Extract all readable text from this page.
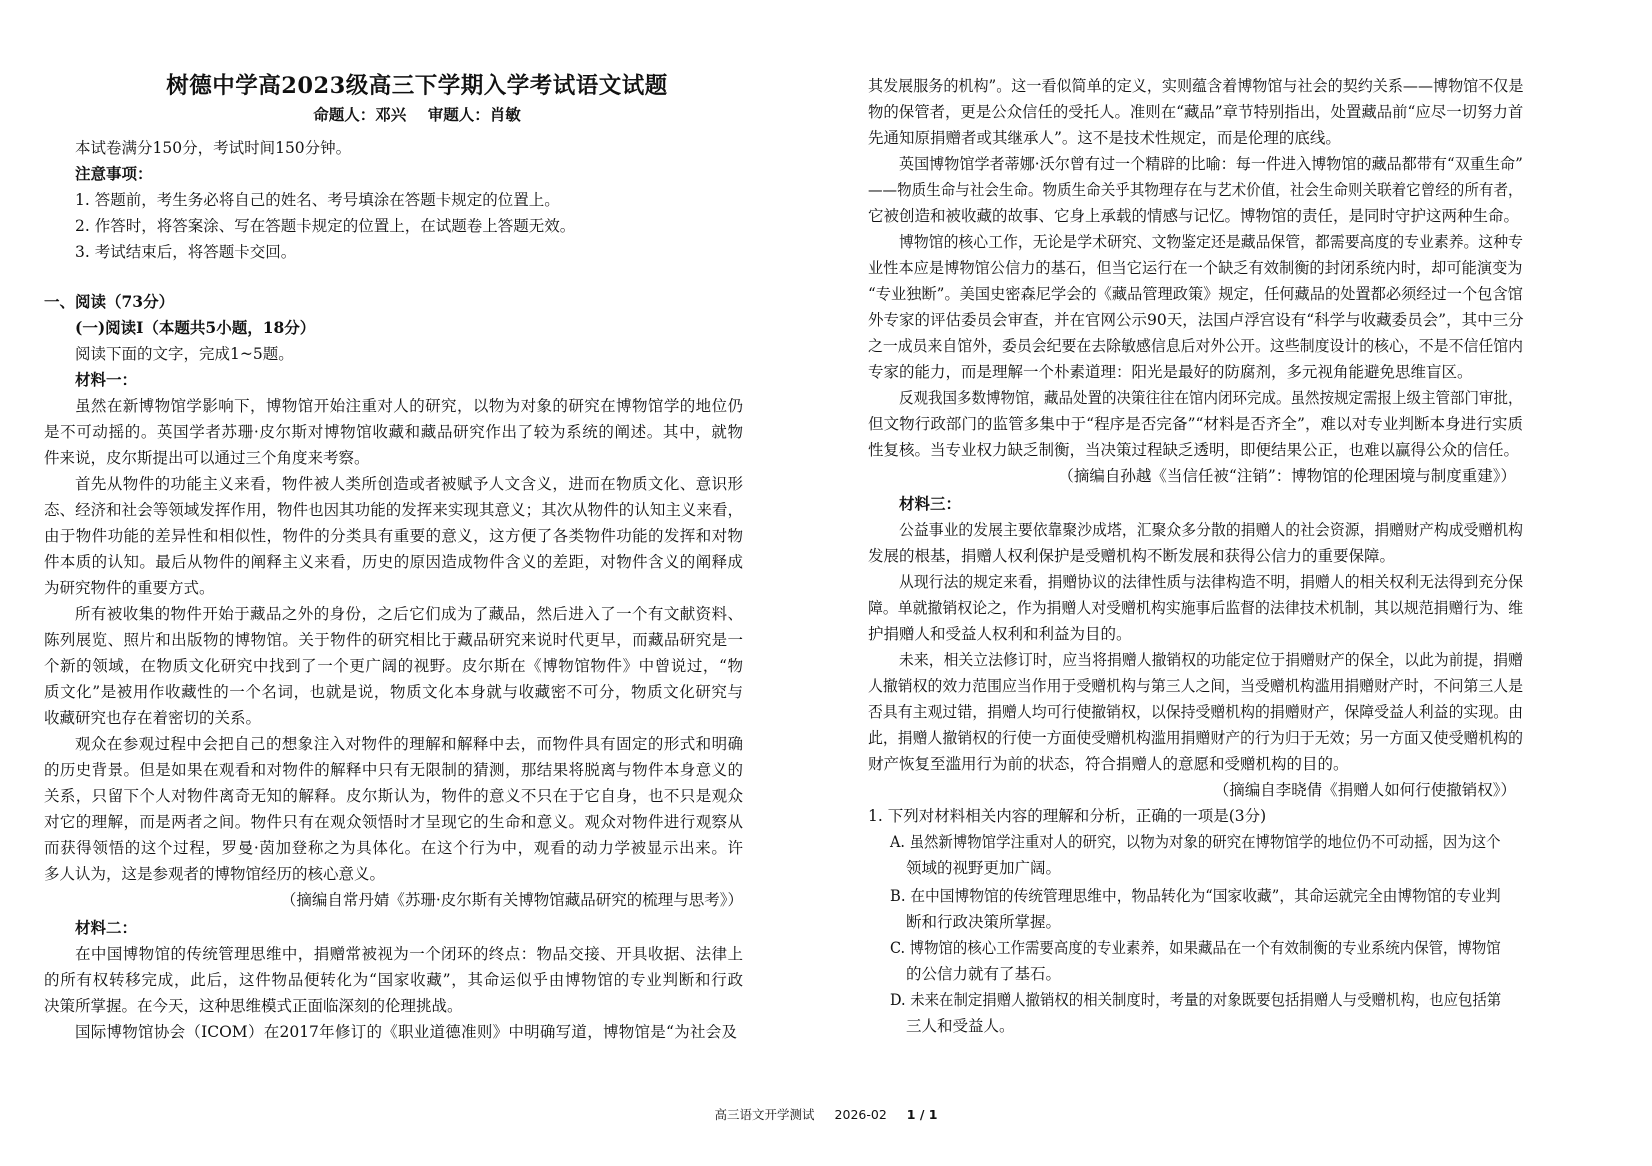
树德中学高2023级高三下学期入学考试语文试题
命题人：邓兴 审题人：肖敏
本试卷满分150分，考试时间150分钟。
注意事项：
1. 答题前，考生务必将自己的姓名、考号填涂在答题卡规定的位置上。
2. 作答时，将答案涂、写在答题卡规定的位置上，在试题卷上答题无效。
3. 考试结束后，将答题卡交回。
一、阅读（73分）
(一)阅读Ⅰ（本题共5小题，18分）
阅读下面的文字，完成1~5题。
材料一：
虽然在新博物馆学影响下，博物馆开始注重对人的研究，以物为对象的研究在博物馆学的地位仍
是不可动摇的。英国学者苏珊·皮尔斯对博物馆收藏和藏品研究作出了较为系统的阐述。其中，就物
件来说，皮尔斯提出可以通过三个角度来考察。
首先从物件的功能主义来看，物件被人类所创造或者被赋予人文含义，进而在物质文化、意识形
态、经济和社会等领域发挥作用，物件也因其功能的发挥来实现其意义；其次从物件的认知主义来看，
由于物件功能的差异性和相似性，物件的分类具有重要的意义，这方便了各类物件功能的发挥和对物
件本质的认知。最后从物件的阐释主义来看，历史的原因造成物件含义的差距，对物件含义的阐释成
为研究物件的重要方式。
所有被收集的物件开始于藏品之外的身份，之后它们成为了藏品，然后进入了一个有文献资料、
陈列展览、照片和出版物的博物馆。关于物件的研究相比于藏品研究来说时代更早，而藏品研究是一
个新的领域，在物质文化研究中找到了一个更广阔的视野。皮尔斯在《博物馆物件》中曾说过，“物
质文化”是被用作收藏性的一个名词，也就是说，物质文化本身就与收藏密不可分，物质文化研究与
收藏研究也存在着密切的关系。
观众在参观过程中会把自己的想象注入对物件的理解和解释中去，而物件具有固定的形式和明确
的历史背景。但是如果在观看和对物件的解释中只有无限制的猜测，那结果将脱离与物件本身意义的
关系，只留下个人对物件离奇无知的解释。皮尔斯认为，物件的意义不只在于它自身，也不只是观众
对它的理解，而是两者之间。物件只有在观众领悟时才呈现它的生命和意义。观众对物件进行观察从
而获得领悟的这个过程，罗曼·茵加登称之为具体化。在这个行为中，观看的动力学被显示出来。许
多人认为，这是参观者的博物馆经历的核心意义。
（摘编自常丹婧《苏珊·皮尔斯有关博物馆藏品研究的梳理与思考》）
材料二：
在中国博物馆的传统管理思维中，捐赠常被视为一个闭环的终点：物品交接、开具收据、法律上
的所有权转移完成，此后，这件物品便转化为“国家收藏”，其命运似乎由博物馆的专业判断和行政
决策所掌握。在今天，这种思维模式正面临深刻的伦理挑战。
国际博物馆协会（ICOM）在2017年修订的《职业道德准则》中明确写道，博物馆是“为社会及
其发展服务的机构”。这一看似简单的定义，实则蕴含着博物馆与社会的契约关系——博物馆不仅是
物的保管者，更是公众信任的受托人。准则在“藏品”章节特别指出，处置藏品前“应尽一切努力首
先通知原捐赠者或其继承人”。这不是技术性规定，而是伦理的底线。
英国博物馆学者蒂娜·沃尔曾有过一个精辟的比喻：每一件进入博物馆的藏品都带有“双重生命”
——物质生命与社会生命。物质生命关乎其物理存在与艺术价值，社会生命则关联着它曾经的所有者，
它被创造和被收藏的故事、它身上承载的情感与记忆。博物馆的责任，是同时守护这两种生命。
博物馆的核心工作，无论是学术研究、文物鉴定还是藏品保管，都需要高度的专业素养。这种专
业性本应是博物馆公信力的基石，但当它运行在一个缺乏有效制衡的封闭系统内时，却可能演变为
“专业独断”。美国史密森尼学会的《藏品管理政策》规定，任何藏品的处置都必须经过一个包含馆
外专家的评估委员会审查，并在官网公示90天，法国卢浮宫设有“科学与收藏委员会”，其中三分
之一成员来自馆外，委员会纪要在去除敏感信息后对外公开。这些制度设计的核心，不是不信任馆内
专家的能力，而是理解一个朴素道理：阳光是最好的防腐剂，多元视角能避免思维盲区。
反观我国多数博物馆，藏品处置的决策往往在馆内闭环完成。虽然按规定需报上级主管部门审批，
但文物行政部门的监管多集中于“程序是否完备”“材料是否齐全”，难以对专业判断本身进行实质
性复核。当专业权力缺乏制衡，当决策过程缺乏透明，即便结果公正，也难以赢得公众的信任。
（摘编自孙越《当信任被“注销”：博物馆的伦理困境与制度重建》）
材料三：
公益事业的发展主要依靠聚沙成塔，汇聚众多分散的捐赠人的社会资源，捐赠财产构成受赠机构
发展的根基，捐赠人权利保护是受赠机构不断发展和获得公信力的重要保障。
从现行法的规定来看，捐赠协议的法律性质与法律构造不明，捐赠人的相关权利无法得到充分保
障。单就撤销权论之，作为捐赠人对受赠机构实施事后监督的法律技术机制，其以规范捐赠行为、维
护捐赠人和受益人权利和利益为目的。
未来，相关立法修订时，应当将捐赠人撤销权的功能定位于捐赠财产的保全，以此为前提，捐赠
人撤销权的效力范围应当作用于受赠机构与第三人之间，当受赠机构滥用捐赠财产时，不问第三人是
否具有主观过错，捐赠人均可行使撤销权，以保持受赠机构的捐赠财产，保障受益人利益的实现。由
此，捐赠人撤销权的行使一方面使受赠机构滥用捐赠财产的行为归于无效；另一方面又使受赠机构的
财产恢复至滥用行为前的状态，符合捐赠人的意愿和受赠机构的目的。
（摘编自李晓倩《捐赠人如何行使撤销权》）
1. 下列对材料相关内容的理解和分析，正确的一项是(3分)
A. 虽然新博物馆学注重对人的研究，以物为对象的研究在博物馆学的地位仍不可动摇，因为这个
领域的视野更加广阔。
B. 在中国博物馆的传统管理思维中，物品转化为“国家收藏”，其命运就完全由博物馆的专业判
断和行政决策所掌握。
C. 博物馆的核心工作需要高度的专业素养，如果藏品在一个有效制衡的专业系统内保管，博物馆
的公信力就有了基石。
D. 未来在制定捐赠人撤销权的相关制度时，考量的对象既要包括捐赠人与受赠机构，也应包括第
三人和受益人。
高三语文开学测试 2026-02 1 / 1
